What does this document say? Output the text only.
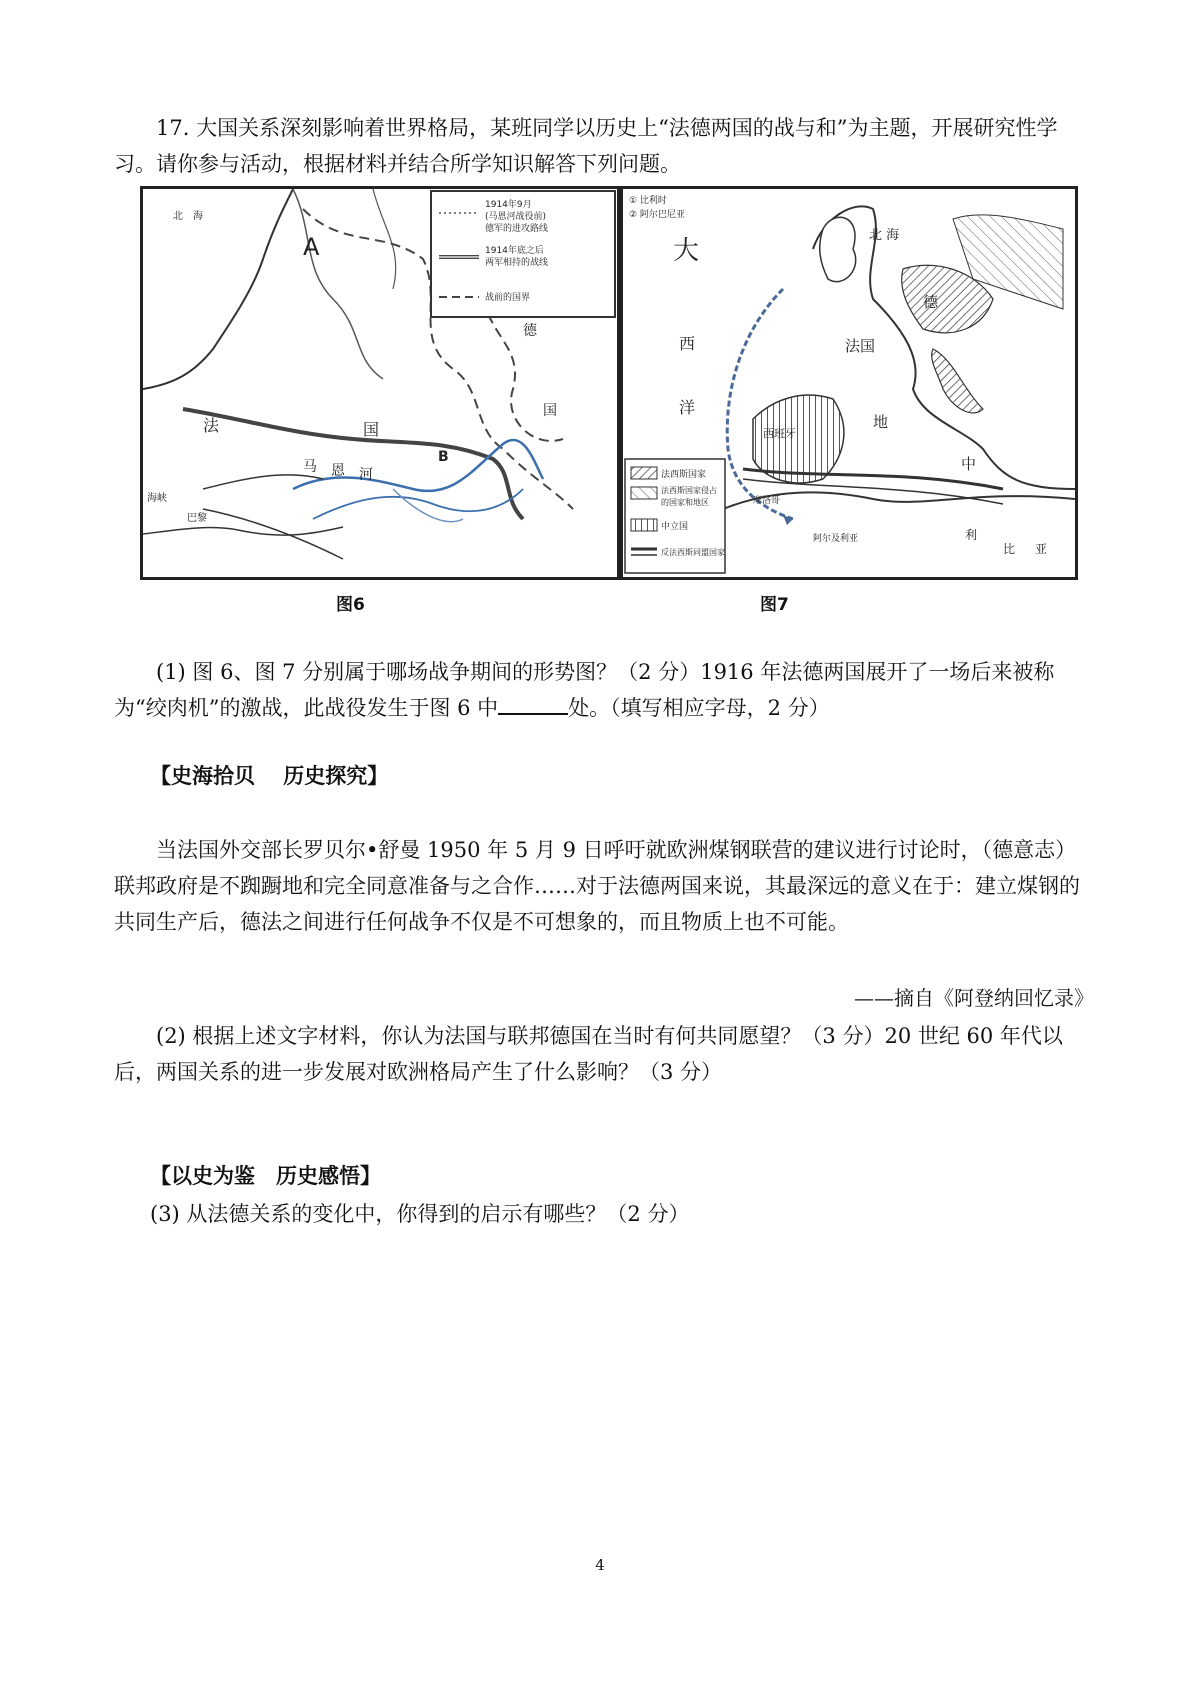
17. 大国关系深刻影响着世界格局，某班同学以历史上“法德两国的战与和”为主题，开展研究性学习。请你参与活动，根据材料并结合所学知识解答下列问题。

1914年9月
(马恩河战役前)
德军的进攻路线
1914年底之后
两军相持的战线
战前的国界
北　海
A
B
法	国
马 恩 河
德
国
巴黎
海峡
图6
① 比利时
② 阿尔巴尼亚
法西斯国家
法西斯国家侵占
的国家和地区
中立国
反法西斯同盟国家
大
西
洋
北 海
法国
德
西班牙
地
中
摩洛哥
阿尔及利亚	利
比 亚
图7

(1) 图 6、图 7 分别属于哪场战争期间的形势图？（2 分）1916 年法德两国展开了一场后来被称为“绞肉机”的激战，此战役发生于图 6 中	处。（填写相应字母，2 分）

【史海拾贝　 历史探究】

当法国外交部长罗贝尔•舒曼 1950 年 5 月 9 日呼吁就欧洲煤钢联营的建议进行讨论时，（德意志）联邦政府是不踟蹰地和完全同意准备与之合作……对于法德两国来说，其最深远的意义在于：建立煤钢的共同生产后，德法之间进行任何战争不仅是不可想象的，而且物质上也不可能。

——摘自《阿登纳回忆录》

(2) 根据上述文字材料，你认为法国与联邦德国在当时有何共同愿望？（3 分）20 世纪 60 年代以后，两国关系的进一步发展对欧洲格局产生了什么影响？（3 分）

【以史为鉴　历史感悟】

(3) 从法德关系的变化中，你得到的启示有哪些？（2 分）

4
